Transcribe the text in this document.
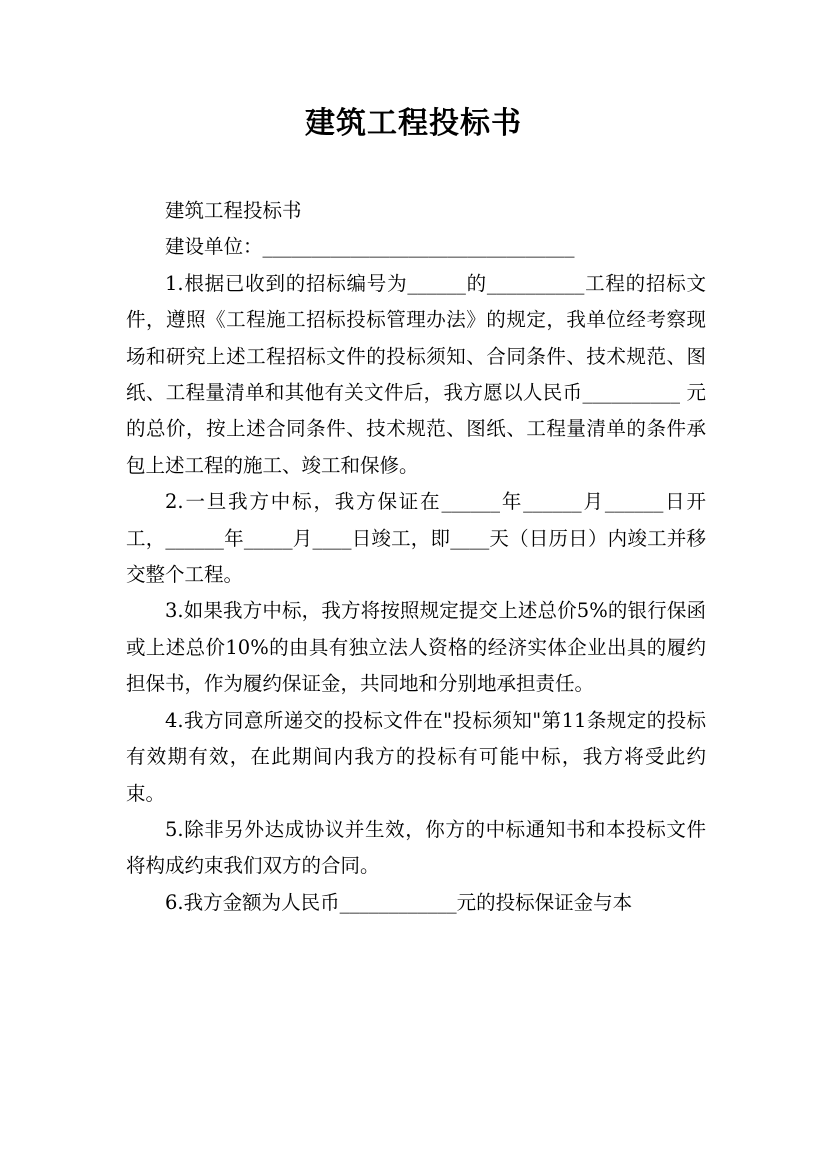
建筑工程投标书

建筑工程投标书

建设单位：________________________________

1.根据已收到的招标编号为______的__________工程的招标文件，遵照《工程施工招标投标管理办法》的规定，我单位经考察现场和研究上述工程招标文件的投标须知、合同条件、技术规范、图纸、工程量清单和其他有关文件后，我方愿以人民币__________ 元的总价，按上述合同条件、技术规范、图纸、工程量清单的条件承包上述工程的施工、竣工和保修。

2.一旦我方中标，我方保证在______年______月______日开工，______年_____月____日竣工，即____天（日历日）内竣工并移交整个工程。

3.如果我方中标，我方将按照规定提交上述总价5%的银行保函或上述总价10%的由具有独立法人资格的经济实体企业出具的履约担保书，作为履约保证金，共同地和分别地承担责任。

4.我方同意所递交的投标文件在"投标须知"第11条规定的投标有效期有效，在此期间内我方的投标有可能中标，我方将受此约束。

5.除非另外达成协议并生效，你方的中标通知书和本投标文件将构成约束我们双方的合同。

6.我方金额为人民币____________元的投标保证金与本
